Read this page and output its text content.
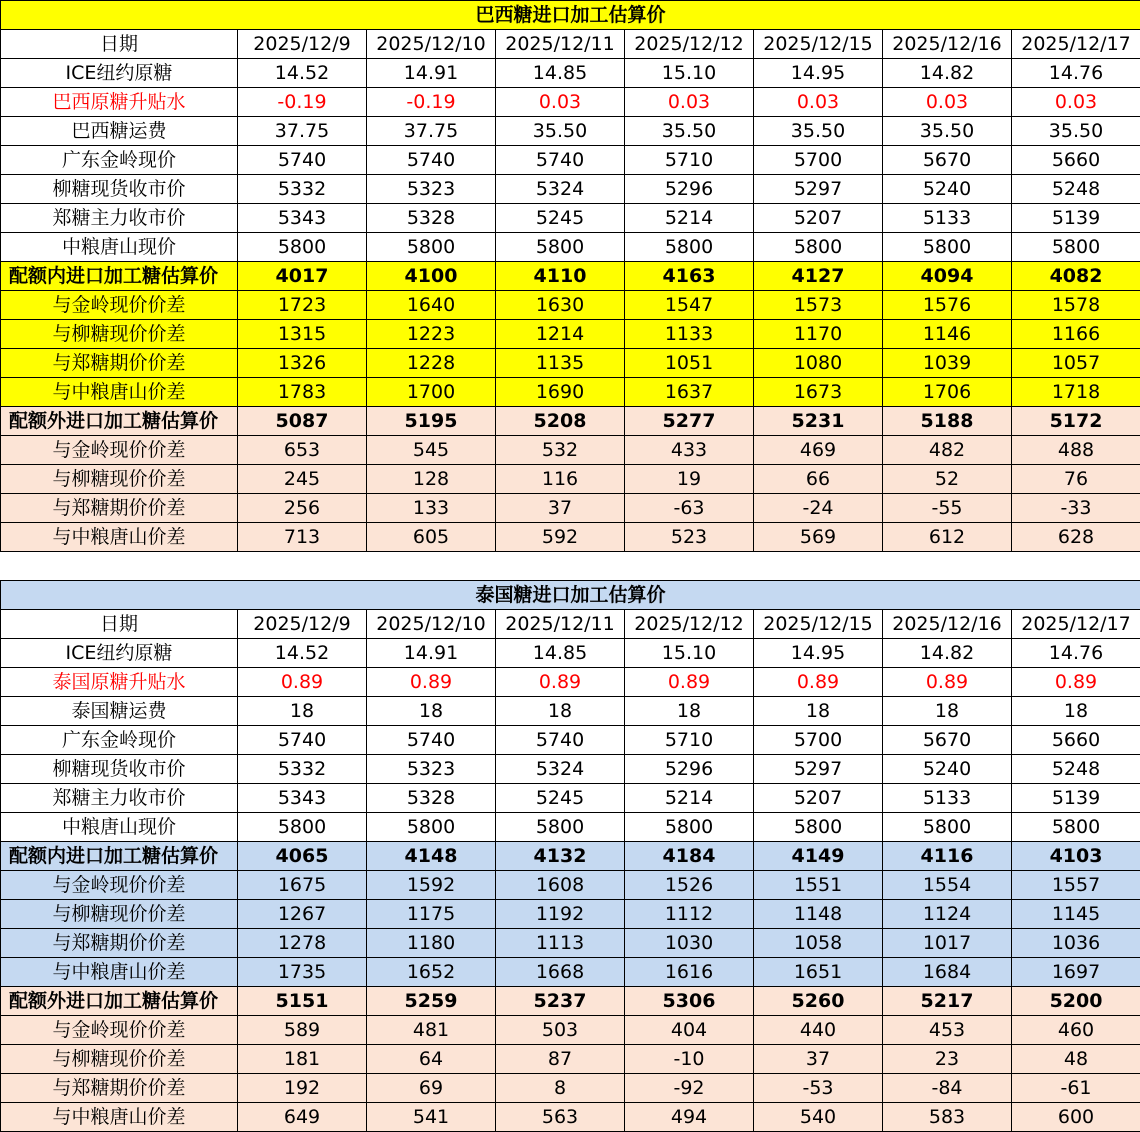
巴西糖进口加工估算价							
日期	2025/12/9	2025/12/10	2025/12/11	2025/12/12	2025/12/15	2025/12/16	2025/12/17
ICE纽约原糖	14.52	14.91	14.85	15.10	14.95	14.82	14.76
巴西原糖升贴水	-0.19	-0.19	0.03	0.03	0.03	0.03	0.03
巴西糖运费	37.75	37.75	35.50	35.50	35.50	35.50	35.50
广东金岭现价	5740	5740	5740	5710	5700	5670	5660
柳糖现货收市价	5332	5323	5324	5296	5297	5240	5248
郑糖主力收市价	5343	5328	5245	5214	5207	5133	5139
中粮唐山现价	5800	5800	5800	5800	5800	5800	5800
配额内进口加工糖估算价	4017	4100	4110	4163	4127	4094	4082
与金岭现价价差	1723	1640	1630	1547	1573	1576	1578
与柳糖现价价差	1315	1223	1214	1133	1170	1146	1166
与郑糖期价价差	1326	1228	1135	1051	1080	1039	1057
与中粮唐山价差	1783	1700	1690	1637	1673	1706	1718
配额外进口加工糖估算价	5087	5195	5208	5277	5231	5188	5172
与金岭现价价差	653	545	532	433	469	482	488
与柳糖现价价差	245	128	116	19	66	52	76
与郑糖期价价差	256	133	37	-63	-24	-55	-33
与中粮唐山价差	713	605	592	523	569	612	628
泰国糖进口加工估算价							
日期	2025/12/9	2025/12/10	2025/12/11	2025/12/12	2025/12/15	2025/12/16	2025/12/17
ICE纽约原糖	14.52	14.91	14.85	15.10	14.95	14.82	14.76
泰国原糖升贴水	0.89	0.89	0.89	0.89	0.89	0.89	0.89
泰国糖运费	18	18	18	18	18	18	18
广东金岭现价	5740	5740	5740	5710	5700	5670	5660
柳糖现货收市价	5332	5323	5324	5296	5297	5240	5248
郑糖主力收市价	5343	5328	5245	5214	5207	5133	5139
中粮唐山现价	5800	5800	5800	5800	5800	5800	5800
配额内进口加工糖估算价	4065	4148	4132	4184	4149	4116	4103
与金岭现价价差	1675	1592	1608	1526	1551	1554	1557
与柳糖现价价差	1267	1175	1192	1112	1148	1124	1145
与郑糖期价价差	1278	1180	1113	1030	1058	1017	1036
与中粮唐山价差	1735	1652	1668	1616	1651	1684	1697
配额外进口加工糖估算价	5151	5259	5237	5306	5260	5217	5200
与金岭现价价差	589	481	503	404	440	453	460
与柳糖现价价差	181	64	87	-10	37	23	48
与郑糖期价价差	192	69	8	-92	-53	-84	-61
与中粮唐山价差	649	541	563	494	540	583	600
